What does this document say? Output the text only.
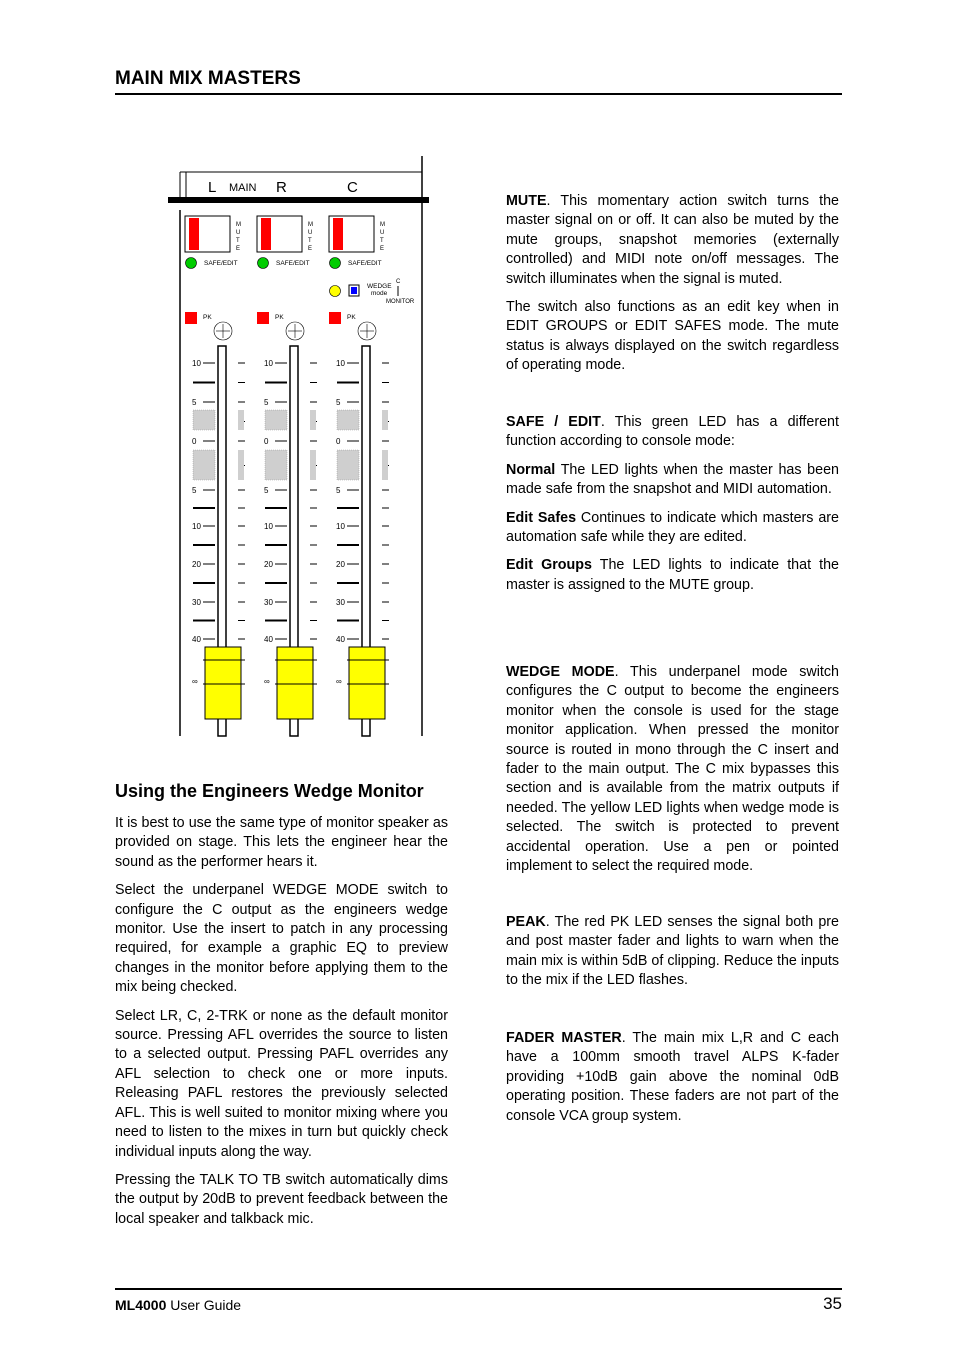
MAIN MIX MASTERS
L MAIN R	C
M
U
T
E
SAFE/EDIT
PK
10
5
0
5
10
20
30
40
∞
M
U
T
E
SAFE/EDIT
PK
10
5
0
5
10
20
30
40
∞
M
U
T
E
SAFE/EDIT
PK
10
5
0
5
10
20
30
40
∞
WEDGE
mode
C
MONITOR
Using the Engineers Wedge Monitor

It is best to use the same type of monitor speaker as provided on stage. This lets the engineer hear the sound as the performer hears it.

Select the underpanel WEDGE MODE switch to configure the C output as the engineers wedge monitor. Use the insert to patch in any processing required, for example a graphic EQ to preview changes in the monitor before applying them to the mix being checked.

Select LR, C, 2-TRK or none as the default monitor source. Pressing AFL overrides the source to listen to a selected output. Pressing PAFL overrides any AFL selection to check one or more inputs. Releasing PAFL restores the previously selected AFL. This is well suited to monitor mixing where you need to listen to the mixes in turn but quickly check individual inputs along the way.

Pressing the TALK TO TB switch automatically dims the output by 20dB to prevent feedback between the local speaker and talkback mic.

MUTE. This momentary action switch turns the master signal on or off. It can also be muted by the mute groups, snapshot memories (externally controlled) and MIDI note on/off messages. The switch illuminates when the signal is muted.

The switch also functions as an edit key when in EDIT GROUPS or EDIT SAFES mode. The mute status is always displayed on the switch regardless of operating mode.

SAFE / EDIT. This green LED has a different function according to console mode:

Normal The LED lights when the master has been made safe from the snapshot and MIDI automation.

Edit Safes Continues to indicate which masters are automation safe while they are edited.

Edit Groups The LED lights to indicate that the master is assigned to the MUTE group.

WEDGE MODE. This underpanel mode switch configures the C output to become the engineers monitor when the console is used for the stage monitor application. When pressed the monitor source is routed in mono through the C insert and fader to the main output. The C mix bypasses this section and is available from the matrix outputs if needed. The yellow LED lights when wedge mode is selected. The switch is protected to prevent accidental operation. Use a pen or pointed implement to select the required mode.

PEAK. The red PK LED senses the signal both pre and post master fader and lights to warn when the main mix is within 5dB of clipping. Reduce the inputs to the mix if the LED flashes.

FADER MASTER. The main mix L,R and C each have a 100mm smooth travel ALPS K-fader providing +10dB gain above the nominal 0dB operating position. These faders are not part of the console VCA group system.

ML4000 User Guide	35
